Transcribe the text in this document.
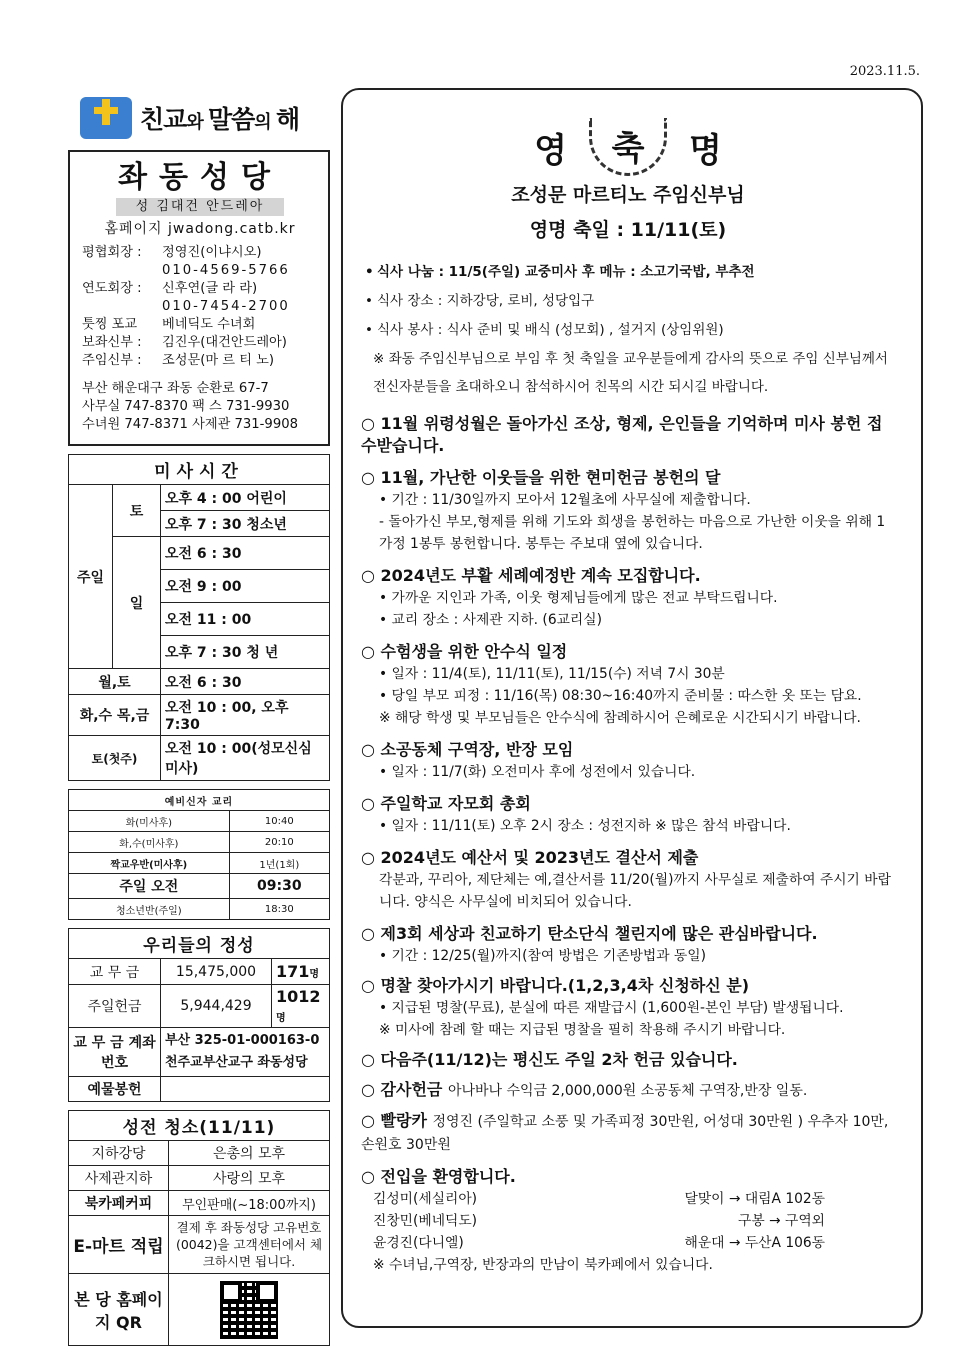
2023.11.5.
친교와 말씀의 해
좌동성당
성 김대건 안드레아
홈페이지 jwadong.catb.kr
평협회장 :	정영진(이냐시오)
010-4569-5766
연도회장 :	신후연(글 라 라)
010-7454-2700
툿찡 포교	베네딕도 수녀회
보좌신부 :	김진우(대건안드레아)
주임신부 :	조성문(마 르 티 노)
부산 해운대구 좌동 순환로 67-7
사무실 747-8370 팩 스 731-9930
수녀원 747-8371 사제관 731-9908
미사시간		
주일	토	오후 4 : 00 어린이
		오후 7 : 30 청소년
	일	오전 6 : 30
		오전 9 : 00
		오전 11 : 00
		오후 7 : 30 청 년
월,토		오전 6 : 30
화,수 목,금		오전 10 : 00, 오후 7:30
토(첫주)		오전 10 : 00(성모신심미사)
예비신자 교리	
화(미사후)	10:40
화,수(미사후)	20:10
짝교우반(미사후)	1년(1회)
주일 오전	09:30
청소년반(주일)	18:30
우리들의 정성		
교 무 금	15,475,000	171명
주일헌금	5,944,429	1012명
교 무 금 계좌번호	부산 325-01-000163-0
천주교부산교구 좌동성당	

예물봉헌		
성전 청소(11/11)	
지하강당	은총의 모후
사제관지하	사랑의 모후
북카페커피	무인판매(~18:00까지)
E-마트 적립	결제 후 좌동성당 고유번호(0042)을 고객센터에서 체크하시면 됩니다.
본 당 홈페이지 QR	
영 축 명
조성문 마르티노 주임신부님
영명 축일 : 11/11(토)
• 식사 나눔 : 11/5(주일) 교중미사 후 메뉴 : 소고기국밥, 부추전
• 식사 장소 : 지하강당, 로비, 성당입구
• 식사 봉사 : 식사 준비 및 배식 (성모회) , 설거지 (상임위원)
※ 좌동 주임신부님으로 부임 후 첫 축일을 교우분들에게 감사의 뜻으로 주임 신부님께서 전신자분들을 초대하오니 참석하시어 친목의 시간 되시길 바랍니다.
○ 11월 위령성월은 돌아가신 조상, 형제, 은인들을 기억하며 미사 봉헌 접수받습니다.
○ 11월, 가난한 이웃들을 위한 현미헌금 봉헌의 달
• 기간 : 11/30일까지 모아서 12월초에 사무실에 제출합니다.
- 돌아가신 부모,형제를 위해 기도와 희생을 봉헌하는 마음으로 가난한 이웃을 위해 1가정 1봉투 봉헌합니다. 봉투는 주보대 옆에 있습니다.
○ 2024년도 부활 세례예정반 계속 모집합니다.
• 가까운 지인과 가족, 이웃 형제님들에게 많은 전교 부탁드립니다.
• 교리 장소 : 사제관 지하. (6교리실)
○ 수험생을 위한 안수식 일정
• 일자 : 11/4(토), 11/11(토), 11/15(수) 저녁 7시 30분
• 당일 부모 피정 : 11/16(목) 08:30~16:40까지 준비물 : 따스한 옷 또는 담요.
※ 해당 학생 및 부모님들은 안수식에 참례하시어 은혜로운 시간되시기 바랍니다.
○ 소공동체 구역장, 반장 모임
• 일자 : 11/7(화) 오전미사 후에 성전에서 있습니다.
○ 주일학교 자모회 총회
• 일자 : 11/11(토) 오후 2시 장소 : 성전지하 ※ 많은 참석 바랍니다.
○ 2024년도 예산서 및 2023년도 결산서 제출
각분과, 꾸리아, 제단체는 예,결산서를 11/20(월)까지 사무실로 제출하여 주시기 바랍니다. 양식은 사무실에 비치되어 있습니다.
○ 제3회 세상과 친교하기 탄소단식 챌린지에 많은 관심바랍니다.
• 기간 : 12/25(월)까지(참여 방법은 기존방법과 동일)
○ 명찰 찾아가시기 바랍니다.(1,2,3,4차 신청하신 분)
• 지급된 명찰(무료), 분실에 따른 재발급시 (1,600원-본인 부담) 발생됩니다.
※ 미사에 참례 할 때는 지급된 명찰을 필히 착용해 주시기 바랍니다.
○ 다음주(11/12)는 평신도 주일 2차 헌금 있습니다.
○ 감사헌금 아나바나 수익금 2,000,000원 소공동체 구역장,반장 일동.
○ 빨랑카 정영진 (주일학교 소풍 및 가족피정 30만원, 어성대 30만원 ) 우추자 10만, 손원호 30만원
○ 전입을 환영합니다.
김성미(세실리아)	달맞이 → 대림A 102동
진창민(베네딕도)	구봉 → 구역외
윤경진(다니엘)	해운대 → 두산A 106동
※ 수녀님,구역장, 반장과의 만남이 북카페에서 있습니다.
